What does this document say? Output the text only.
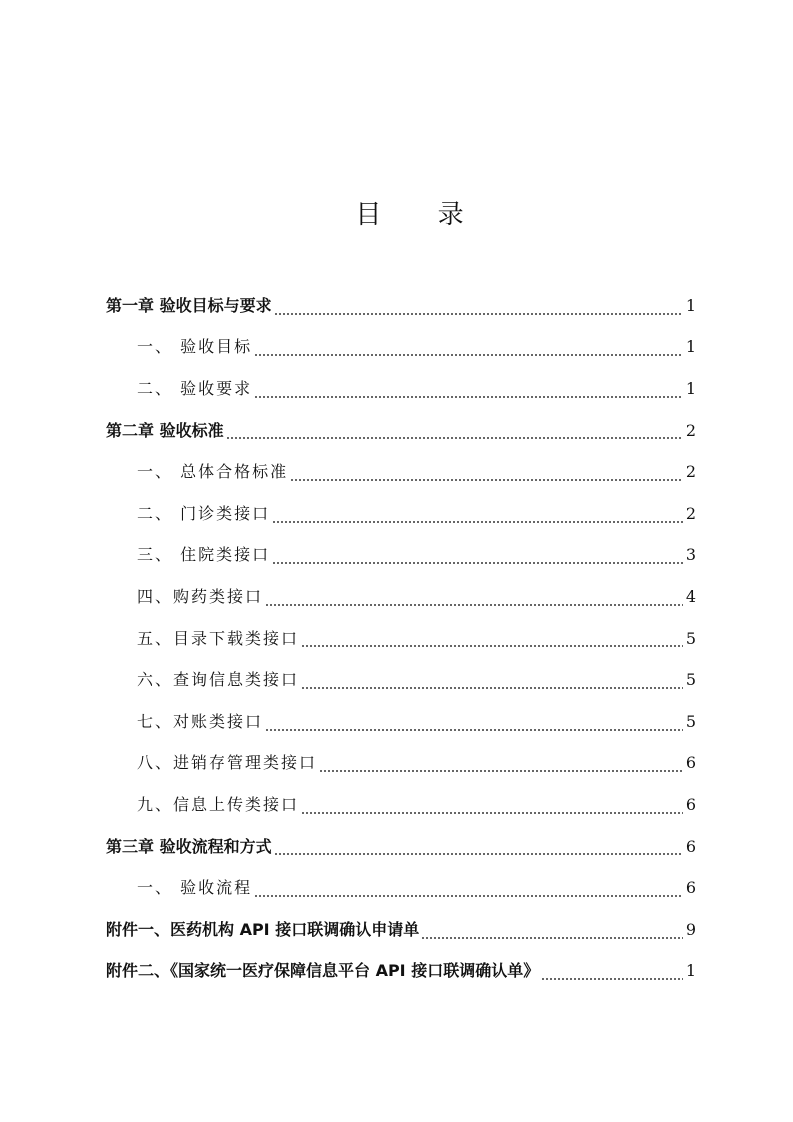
目 录
第一章 验收目标与要求	1
一、 验收目标	1
二、 验收要求	1
第二章 验收标准	2
一、 总体合格标准	2
二、 门诊类接口	2
三、 住院类接口	3
四、购药类接口	4
五、目录下载类接口	5
六、查询信息类接口	5
七、对账类接口	5
八、进销存管理类接口	6
九、信息上传类接口	6
第三章 验收流程和方式	6
一、 验收流程	6
附件一、医药机构 API 接口联调确认申请单	9
附件二、《国家统一医疗保障信息平台 API 接口联调确认单》	1
